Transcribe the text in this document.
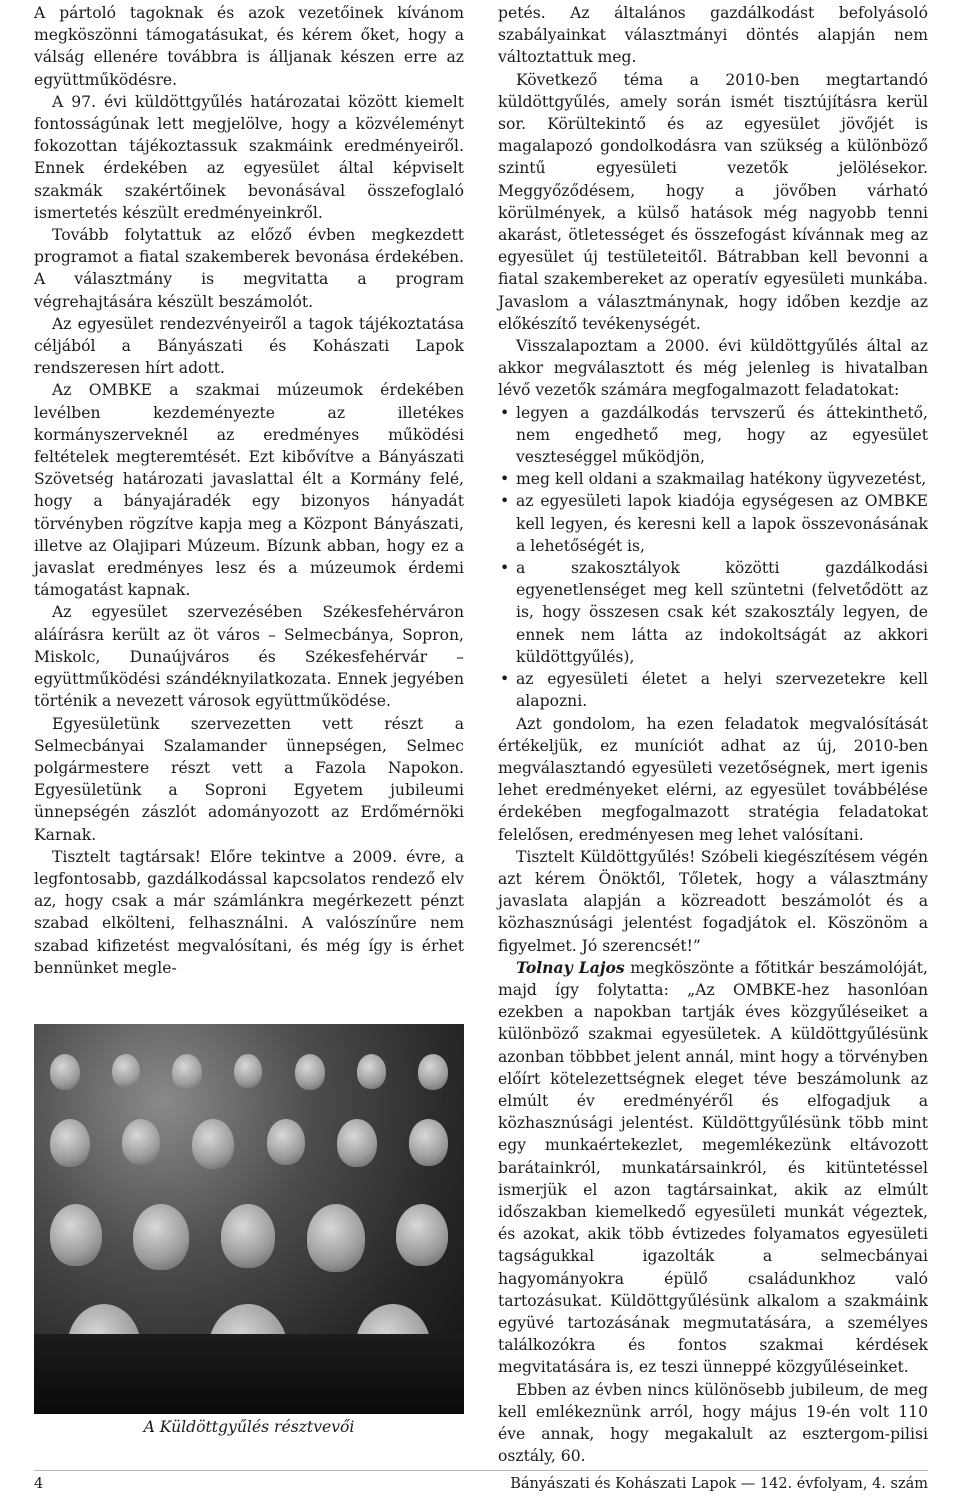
A pártoló tagoknak és azok vezetőinek kívánom megköszönni támogatásukat, és kérem őket, hogy a válság ellenére továbbra is álljanak készen erre az együttműködésre.

A 97. évi küldöttgyűlés határozatai között kiemelt fontosságúnak lett megjelölve, hogy a közvéleményt fokozottan tájékoztassuk szakmáink eredményeiről. Ennek érdekében az egyesület által képviselt szakmák szakértőinek bevonásával összefoglaló ismertetés készült eredményeinkről.

Tovább folytattuk az előző évben megkezdett programot a fiatal szakemberek bevonása érdekében. A választmány is megvitatta a program végrehajtására készült beszámolót.

Az egyesület rendezvényeiről a tagok tájékoztatása céljából a Bányászati és Kohászati Lapok rendszeresen hírt adott.

Az OMBKE a szakmai múzeumok érdekében levélben kezdeményezte az illetékes kormányszerveknél az eredményes működési feltételek megteremtését. Ezt kibővítve a Bányászati Szövetség határozati javaslattal élt a Kormány felé, hogy a bányajáradék egy bizonyos hányadát törvényben rögzítve kapja meg a Központ Bányászati, illetve az Olajipari Múzeum. Bízunk abban, hogy ez a javaslat eredményes lesz és a múzeumok érdemi támogatást kapnak.

Az egyesület szervezésében Székesfehérváron aláírásra került az öt város – Selmecbánya, Sopron, Miskolc, Dunaújváros és Székesfehérvár – együttműködési szándéknyilatkozata. Ennek jegyében történik a nevezett városok együttműködése.

Egyesületünk szervezetten vett részt a Selmecbányai Szalamander ünnepségen, Selmec polgármestere részt vett a Fazola Napokon. Egyesületünk a Soproni Egyetem jubileumi ünnepségén zászlót adományozott az Erdőmérnöki Karnak.

Tisztelt tagtársak! Előre tekintve a 2009. évre, a legfontosabb, gazdálkodással kapcsolatos rendező elv az, hogy csak a már számlánkra megérkezett pénzt szabad elkölteni, felhasználni. A valószínűre nem szabad kifizetést megvalósítani, és még így is érhet bennünket megle-

A Küldöttgyűlés résztvevői

petés. Az általános gazdálkodást befolyásoló szabályainkat választmányi döntés alapján nem változtattuk meg.

Következő téma a 2010-ben megtartandó küldöttgyűlés, amely során ismét tisztújításra kerül sor. Körültekintő és az egyesület jövőjét is magalapozó gondolkodásra van szükség a különböző szintű egyesületi vezetők jelölésekor. Meggyőződésem, hogy a jövőben várható körülmények, a külső hatások még nagyobb tenni akarást, ötletességet és összefogást kívánnak meg az egyesület új testületeitől. Bátrabban kell bevonni a fiatal szakembereket az operatív egyesületi munkába. Javaslom a választmánynak, hogy időben kezdje az előkészítő tevékenységét.

Visszalapoztam a 2000. évi küldöttgyűlés által az akkor megválasztott és még jelenleg is hivatalban lévő vezetők számára megfogalmazott feladatokat:

• legyen a gazdálkodás tervszerű és áttekinthető, nem engedhető meg, hogy az egyesület veszteséggel működjön,
• meg kell oldani a szakmailag hatékony ügyvezetést,
• az egyesületi lapok kiadója egységesen az OMBKE kell legyen, és keresni kell a lapok összevonásának a lehetőségét is,
• a szakosztályok közötti gazdálkodási egyenetlenséget meg kell szüntetni (felvetődött az is, hogy összesen csak két szakosztály legyen, de ennek nem látta az indokoltságát az akkori küldöttgyűlés),
• az egyesületi életet a helyi szervezetekre kell alapozni.

Azt gondolom, ha ezen feladatok megvalósítását értékeljük, ez muníciót adhat az új, 2010-ben megválasztandó egyesületi vezetőségnek, mert igenis lehet eredményeket elérni, az egyesület továbbélése érdekében megfogalmazott stratégia feladatokat felelősen, eredményesen meg lehet valósítani.

Tisztelt Küldöttgyűlés! Szóbeli kiegészítésem végén azt kérem Önöktől, Tőletek, hogy a választmány javaslata alapján a közreadott beszámolót és a közhasznúsági jelentést fogadjátok el. Köszönöm a figyelmet. Jó szerencsét!”

Tolnay Lajos megköszönte a főtitkár beszámolóját, majd így folytatta: „Az OMBKE-hez hasonlóan ezekben a napokban tartják éves közgyűléseiket a különböző szakmai egyesületek. A küldöttgyűlésünk azonban többbet jelent annál, mint hogy a törvényben előírt kötelezettségnek eleget téve beszámolunk az elmúlt év eredményéről és elfogadjuk a közhasznúsági jelentést. Küldöttgyűlésünk több mint egy munkaértekezlet, megemlékezünk eltávozott barátainkról, munkatársainkról, és kitüntetéssel ismerjük el azon tagtársainkat, akik az elmúlt időszakban kiemelkedő egyesületi munkát végeztek, és azokat, akik több évtizedes folyamatos egyesületi tagságukkal igazolták a selmecbányai hagyományokra épülő családunkhoz való tartozásukat. Küldöttgyűlésünk alkalom a szakmáink együvé tartozásának megmutatására, a személyes találkozókra és fontos szakmai kérdések megvitatására is, ez teszi ünneppé közgyűléseinket.

Ebben az évben nincs különösebb jubileum, de meg kell emlékeznünk arról, hogy május 19-én volt 110 éve annak, hogy megakalult az esztergom-pilisi osztály, 60.

4	Bányászati és Kohászati Lapok — 142. évfolyam, 4. szám
